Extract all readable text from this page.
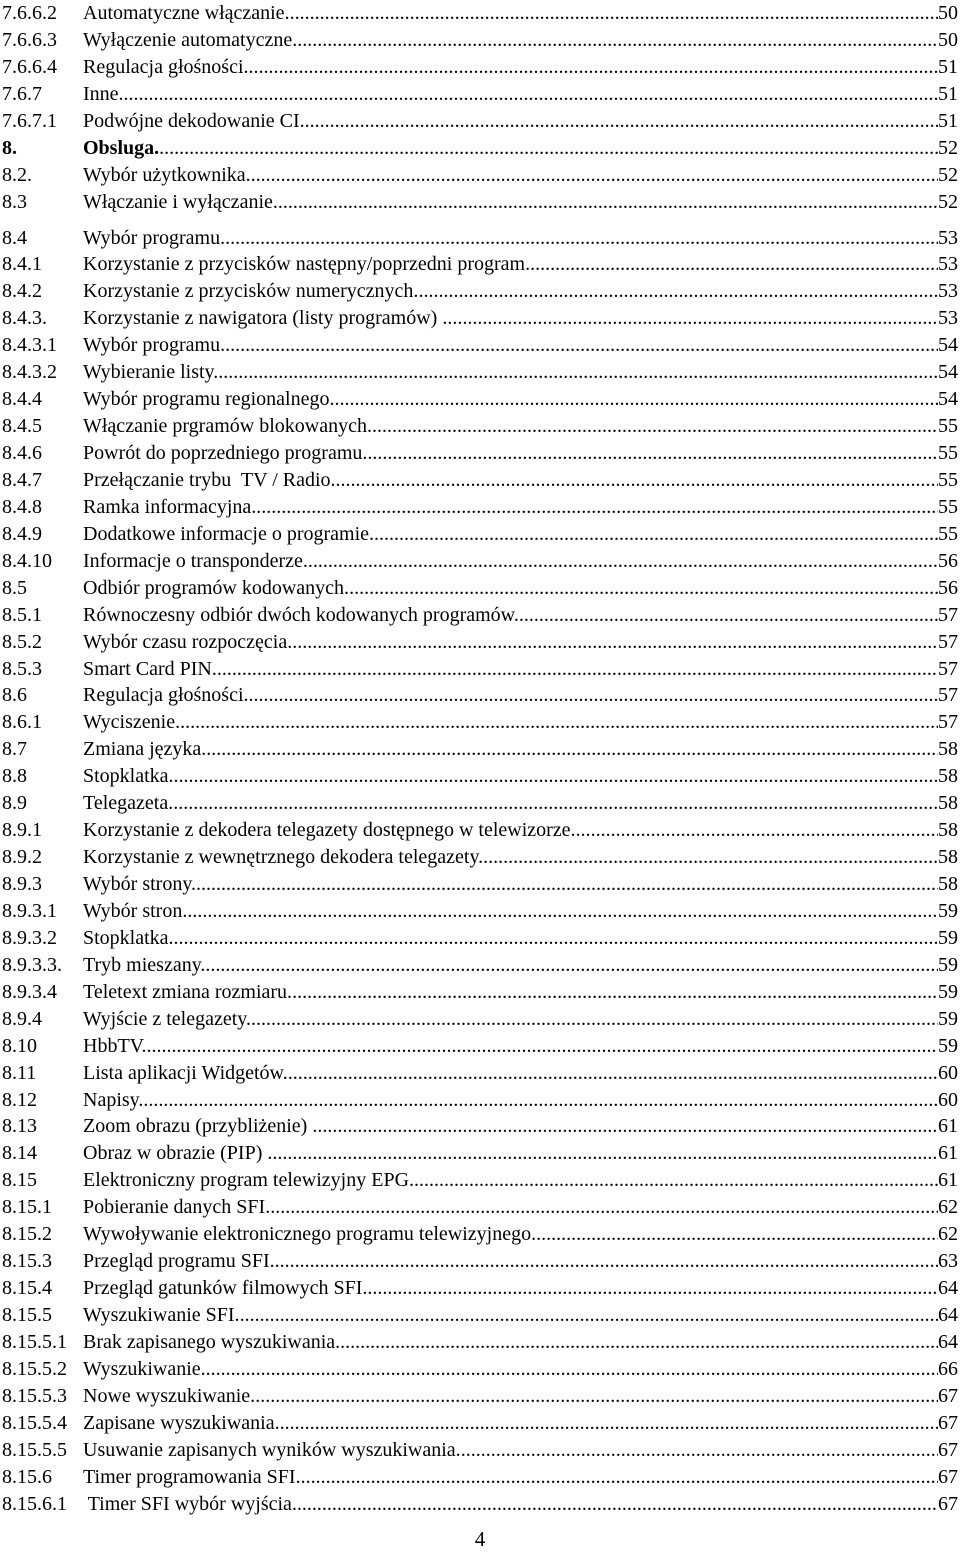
7.6.6.2 Automatyczne włączanie .....	50
7.6.6.3 Wyłączenie automatyczne. .....	50
7.6.6.4 Regulacja głośności. .....	51
7.6.7 Inne. .....	51
7.6.7.1 Podwójne dekodowanie CI. .....	51
8.	Obsluga. .....	52
8.2.	Wybór użytkownika. .....	52
8.3	Włączanie i wyłączanie. .....	52
8.4	Wybór programu. .....	53
8.4.1 Korzystanie z przycisków następny/poprzedni program. .....	53
8.4.2 Korzystanie z przycisków numerycznych. .....	53
8.4.3. Korzystanie z nawigatora (listy programów) .....	53
8.4.3.1 Wybór programu. .....	54
8.4.3.2 Wybieranie listy. .....	54
8.4.4 Wybór programu regionalnego. .....	54
8.4.5 Włączanie prgramów blokowanych. .....	55
8.4.6 Powrót do poprzedniego programu. .....	55
8.4.7 Przełączanie trybu  TV / Radio. .....	55
8.4.8 Ramka informacyjna. .....	55
8.4.9 Dodatkowe informacje o programie. .....	55
8.4.10 Informacje o transponderze. .....	56
8.5	Odbiór programów kodowanych. .....	56
8.5.1 Równoczesny odbiór dwóch kodowanych programów. .....	57
8.5.2 Wybór czasu rozpoczęcia. .....	57
8.5.3 Smart Card PIN. .....	57
8.6	Regulacja głośności. .....	57
8.6.1 Wyciszenie. .....	57
8.7	Zmiana języka. .....	58
8.8	Stopklatka. .....	58
8.9	Telegazeta. .....	58
8.9.1 Korzystanie z dekodera telegazety dostępnego w telewizorze. .....	58
8.9.2 Korzystanie z wewnętrznego dekodera telegazety. .....	58
8.9.3 Wybór strony. .....	58
8.9.3.1 Wybór stron. .....	59
8.9.3.2 Stopklatka. .....	59
8.9.3.3. Tryb mieszany. .....	59
8.9.3.4 Teletext zmiana rozmiaru. .....	59
8.9.4 Wyjście z telegazety. .....	59
8.10 HbbTV. .....	59
8.11 Lista aplikacji Widgetów. .....	60
8.12 Napisy. .....	60
8.13 Zoom obrazu (przybliżenie) .....	61
8.14 Obraz w obrazie (PIP) .....	61
8.15 Elektroniczny program telewizyjny EPG. .....	61
8.15.1 Pobieranie danych SFI. .....	62
8.15.2 Wywoływanie elektronicznego programu telewizyjnego. .....	62
8.15.3 Przegląd programu SFI. .....	63
8.15.4 Przegląd gatunków filmowych SFI. .....	64
8.15.5 Wyszukiwanie SFI. .....	64
8.15.5.1 Brak zapisanego wyszukiwania. .....	64
8.15.5.2 Wyszukiwanie. .....	66
8.15.5.3 Nowe wyszukiwanie. .....	67
8.15.5.4 Zapisane wyszukiwania. .....	67
8.15.5.5 Usuwanie zapisanych wyników wyszukiwania. .....	67
8.15.6 Timer programowania SFI. .....	67
8.15.6.1 Timer SFI wybór wyjścia. .....	67
4
